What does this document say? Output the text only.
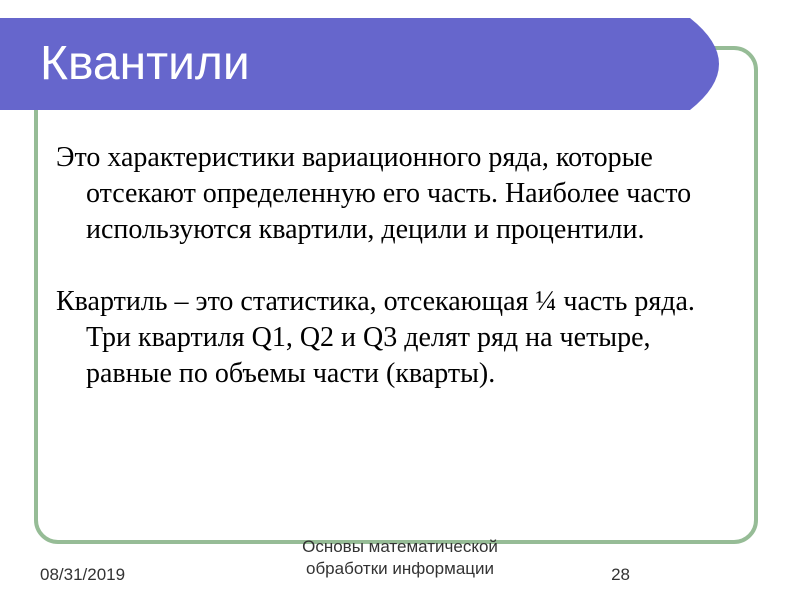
Квантили

Это характеристики вариационного ряда, которые отсекают определенную его часть. Наиболее часто используются квартили, децили и процентили.

Квартиль – это статистика, отсекающая ¼ часть ряда. Три квартиля Q1, Q2 и Q3 делят ряд на четыре, равные по объемы части (кварты).

08/31/2019
Основы математической обработки информации	28
